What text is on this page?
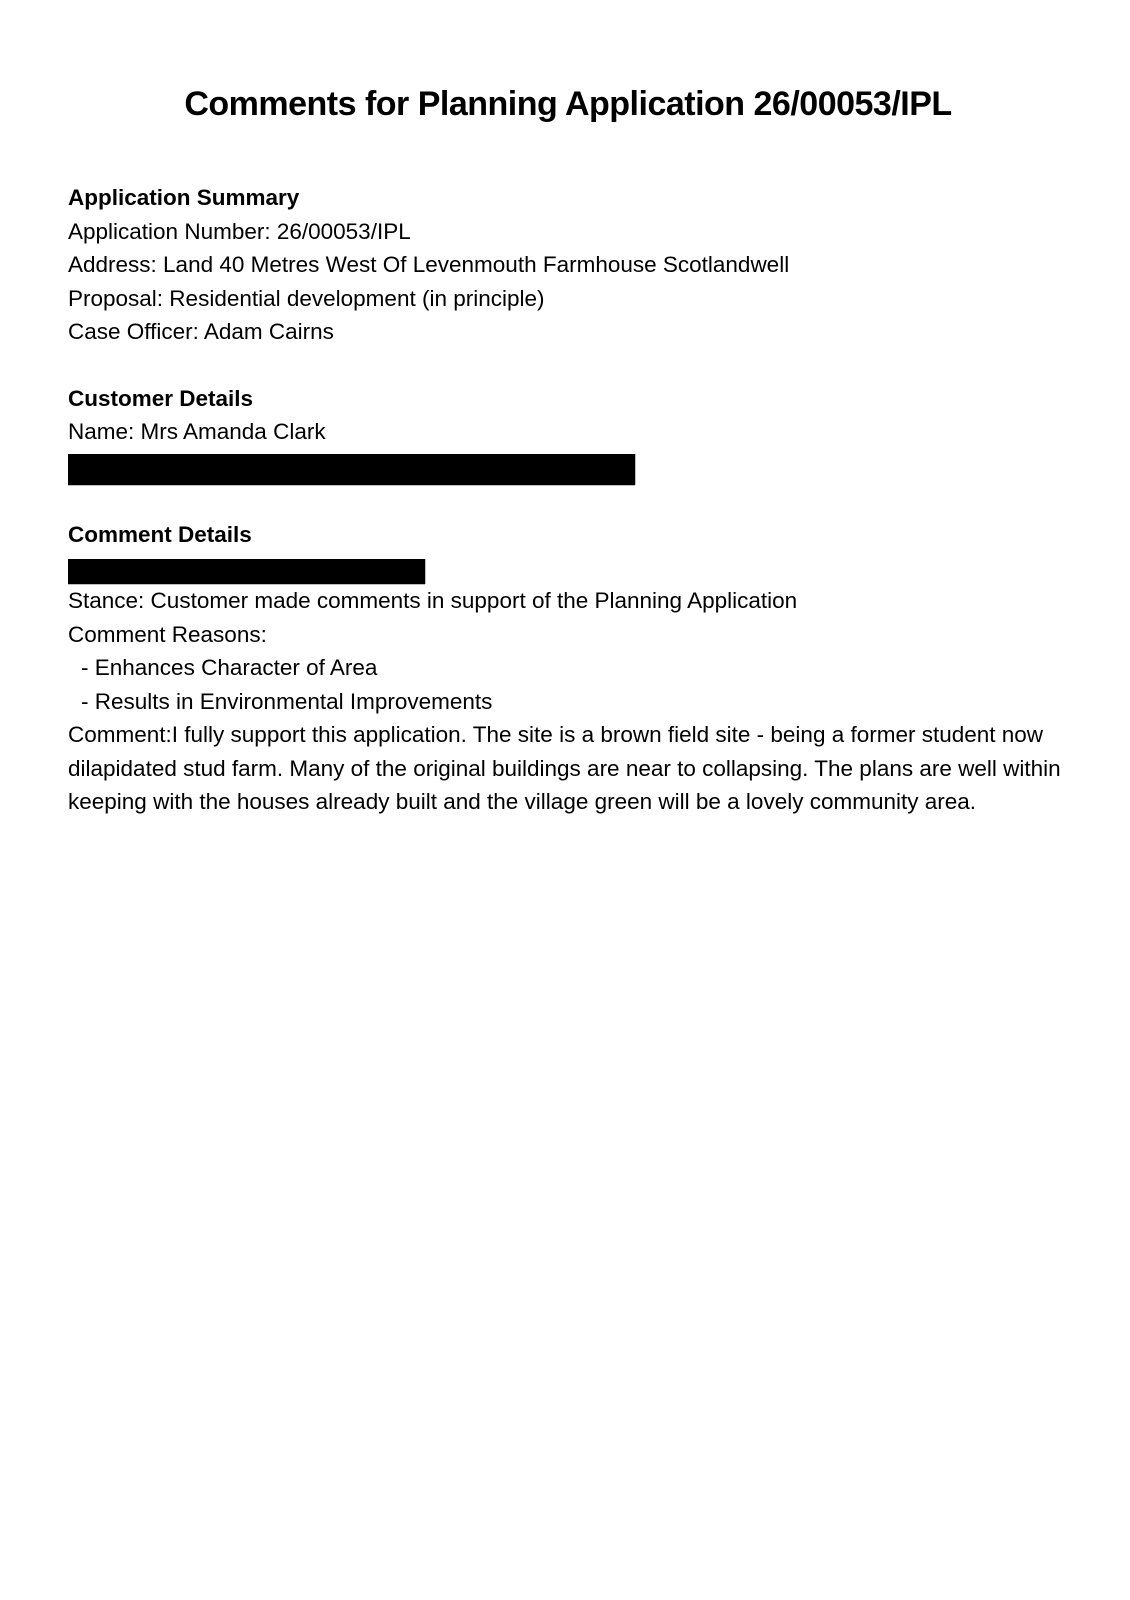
Comments for Planning Application 26/00053/IPL
Application Summary
Application Number: 26/00053/IPL
Address: Land 40 Metres West Of Levenmouth Farmhouse Scotlandwell
Proposal: Residential development (in principle)
Case Officer: Adam Cairns
Customer Details
Name: Mrs Amanda Clark
Comment Details
Stance: Customer made comments in support of the Planning Application
Comment Reasons:
- Enhances Character of Area
- Results in Environmental Improvements
Comment:I fully support this application. The site is a brown field site - being a former student now dilapidated stud farm. Many of the original buildings are near to collapsing. The plans are well within keeping with the houses already built and the village green will be a lovely community area.
